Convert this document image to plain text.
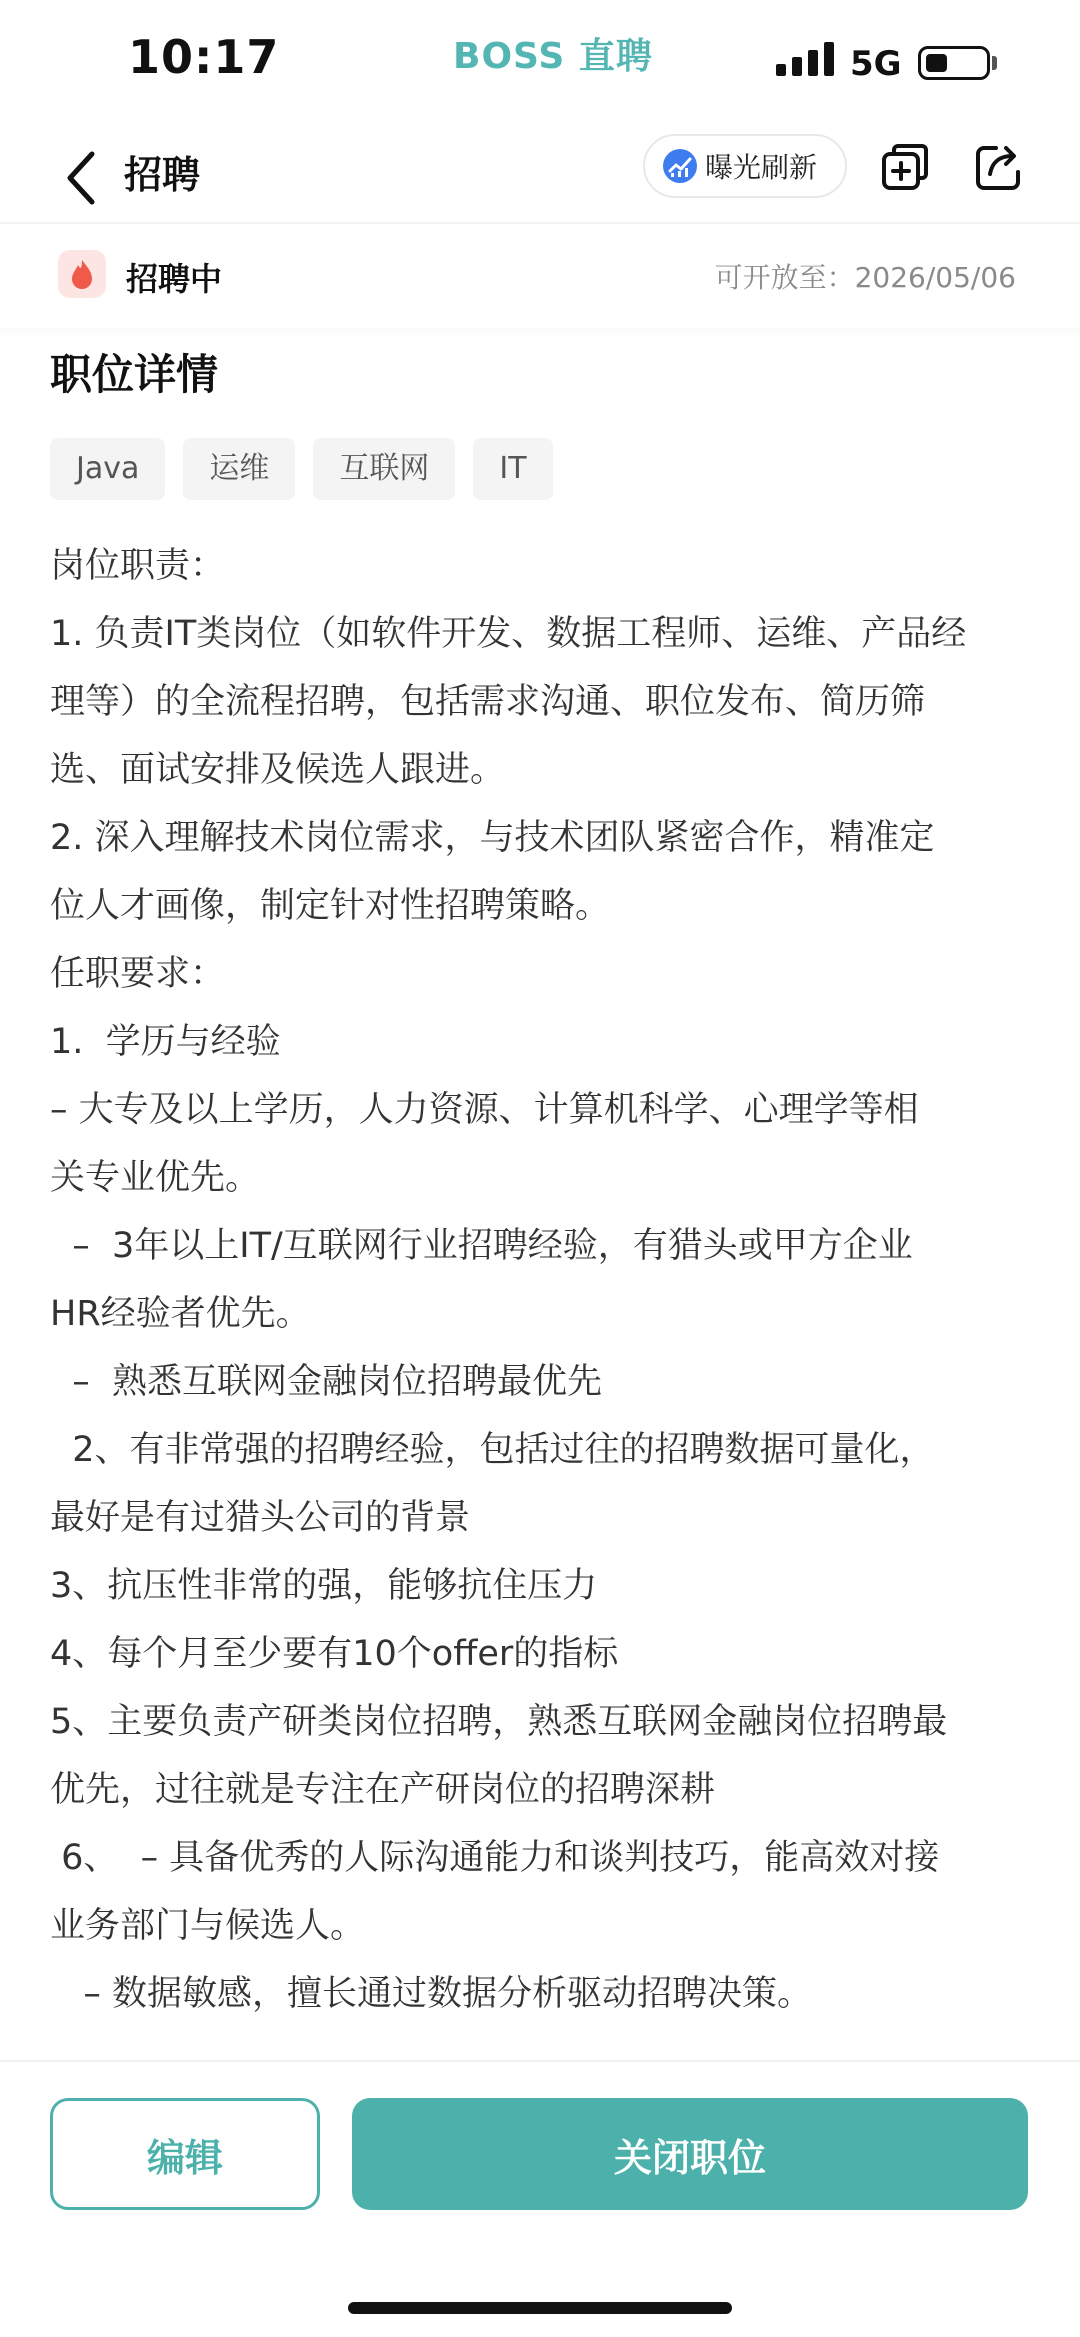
10:17	BOSS 直聘	5G
招聘	曝光刷新
招聘中	可开放至：2026/05/06
职位详情
Java	运维	互联网	IT
岗位职责：
1. 负责IT类岗位（如软件开发、数据工程师、运维、产品经
理等）的全流程招聘，包括需求沟通、职位发布、简历筛
选、面试安排及候选人跟进。
2. 深入理解技术岗位需求，与技术团队紧密合作，精准定
位人才画像，制定针对性招聘策略。
任职要求：
1.  学历与经验
– 大专及以上学历，人力资源、计算机科学、心理学等相
关专业优先。
–  3年以上IT/互联网行业招聘经验，有猎头或甲方企业
HR经验者优先。
–  熟悉互联网金融岗位招聘最优先
2、有非常强的招聘经验，包括过往的招聘数据可量化，
最好是有过猎头公司的背景
3、抗压性非常的强，能够抗住压力
4、每个月至少要有10个offer的指标
5、主要负责产研类岗位招聘，熟悉互联网金融岗位招聘最
优先，过往就是专注在产研岗位的招聘深耕
6、  – 具备优秀的人际沟通能力和谈判技巧，能高效对接
业务部门与候选人。
– 数据敏感，擅长通过数据分析驱动招聘决策。
编辑	关闭职位
